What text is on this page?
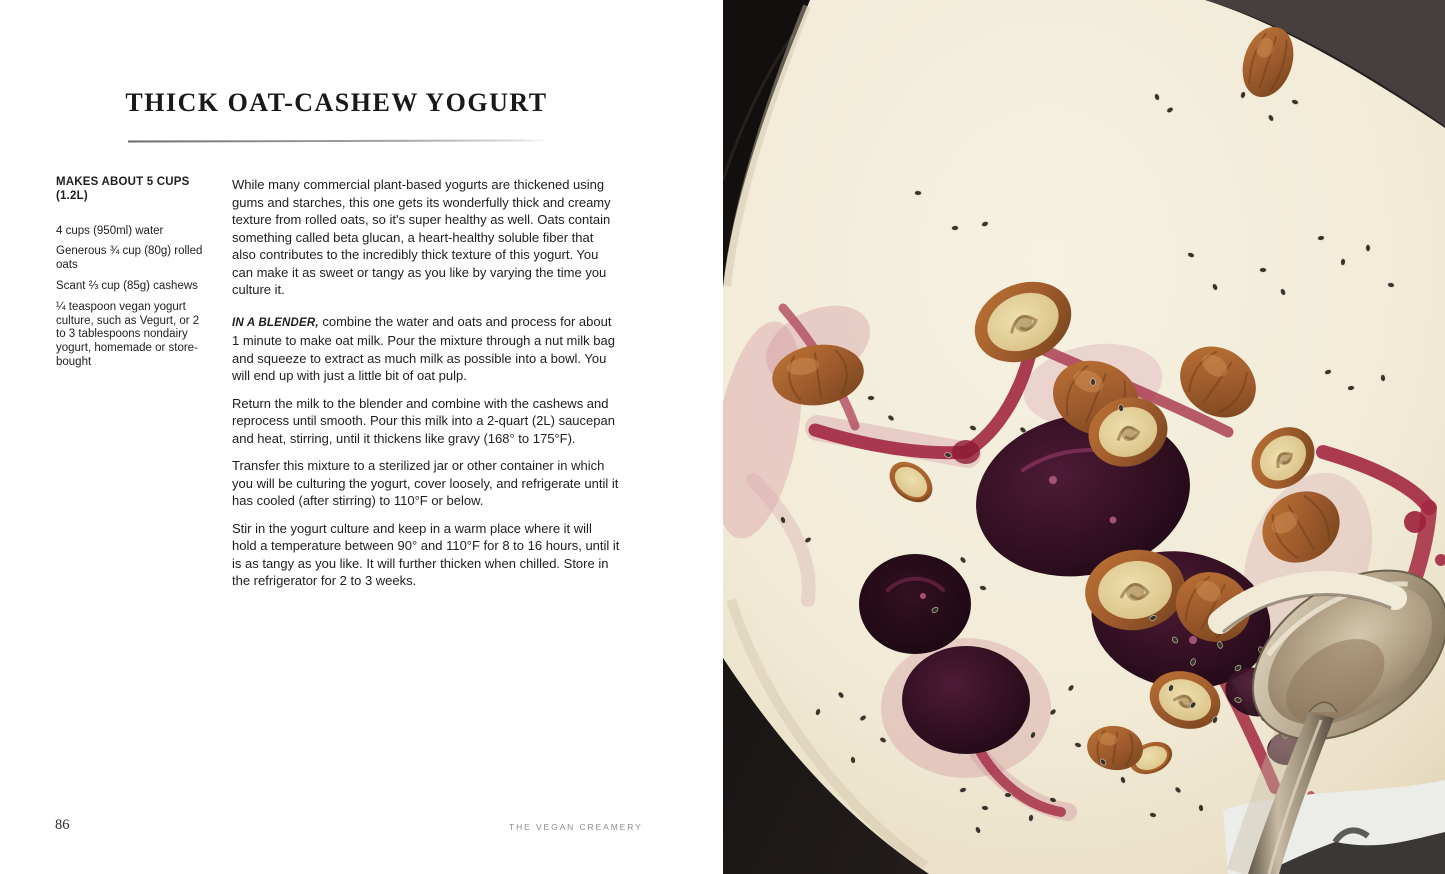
THICK OAT-CASHEW YOGURT

MAKES ABOUT 5 CUPS (1.2L)

4 cups (950ml) water

Generous ¾ cup (80g) rolled oats

Scant ⅔ cup (85g) cashews

¼ teaspoon vegan yogurt culture, such as Vegurt, or 2 to 3 tablespoons nondairy yogurt, homemade or store-bought

While many commercial plant-based yogurts are thickened using gums and starches, this one gets its wonderfully thick and creamy texture from rolled oats, so it's super healthy as well. Oats contain something called beta glucan, a heart-healthy soluble fiber that also contributes to the incredibly thick texture of this yogurt. You can make it as sweet or tangy as you like by varying the time you culture it.

IN A BLENDER, combine the water and oats and process for about 1 minute to make oat milk. Pour the mixture through a nut milk bag and squeeze to extract as much milk as possible into a bowl. You will end up with just a little bit of oat pulp.

Return the milk to the blender and combine with the cashews and reprocess until smooth. Pour this milk into a 2-quart (2L) saucepan and heat, stirring, until it thickens like gravy (168° to 175°F).

Transfer this mixture to a sterilized jar or other container in which you will be culturing the yogurt, cover loosely, and refrigerate until it has cooled (after stirring) to 110°F or below.

Stir in the yogurt culture and keep in a warm place where it will hold a temperature between 90° and 110°F for 8 to 16 hours, until it is as tangy as you like. It will further thicken when chilled. Store in the refrigerator for 2 to 3 weeks.

86	THE VEGAN CREAMERY
